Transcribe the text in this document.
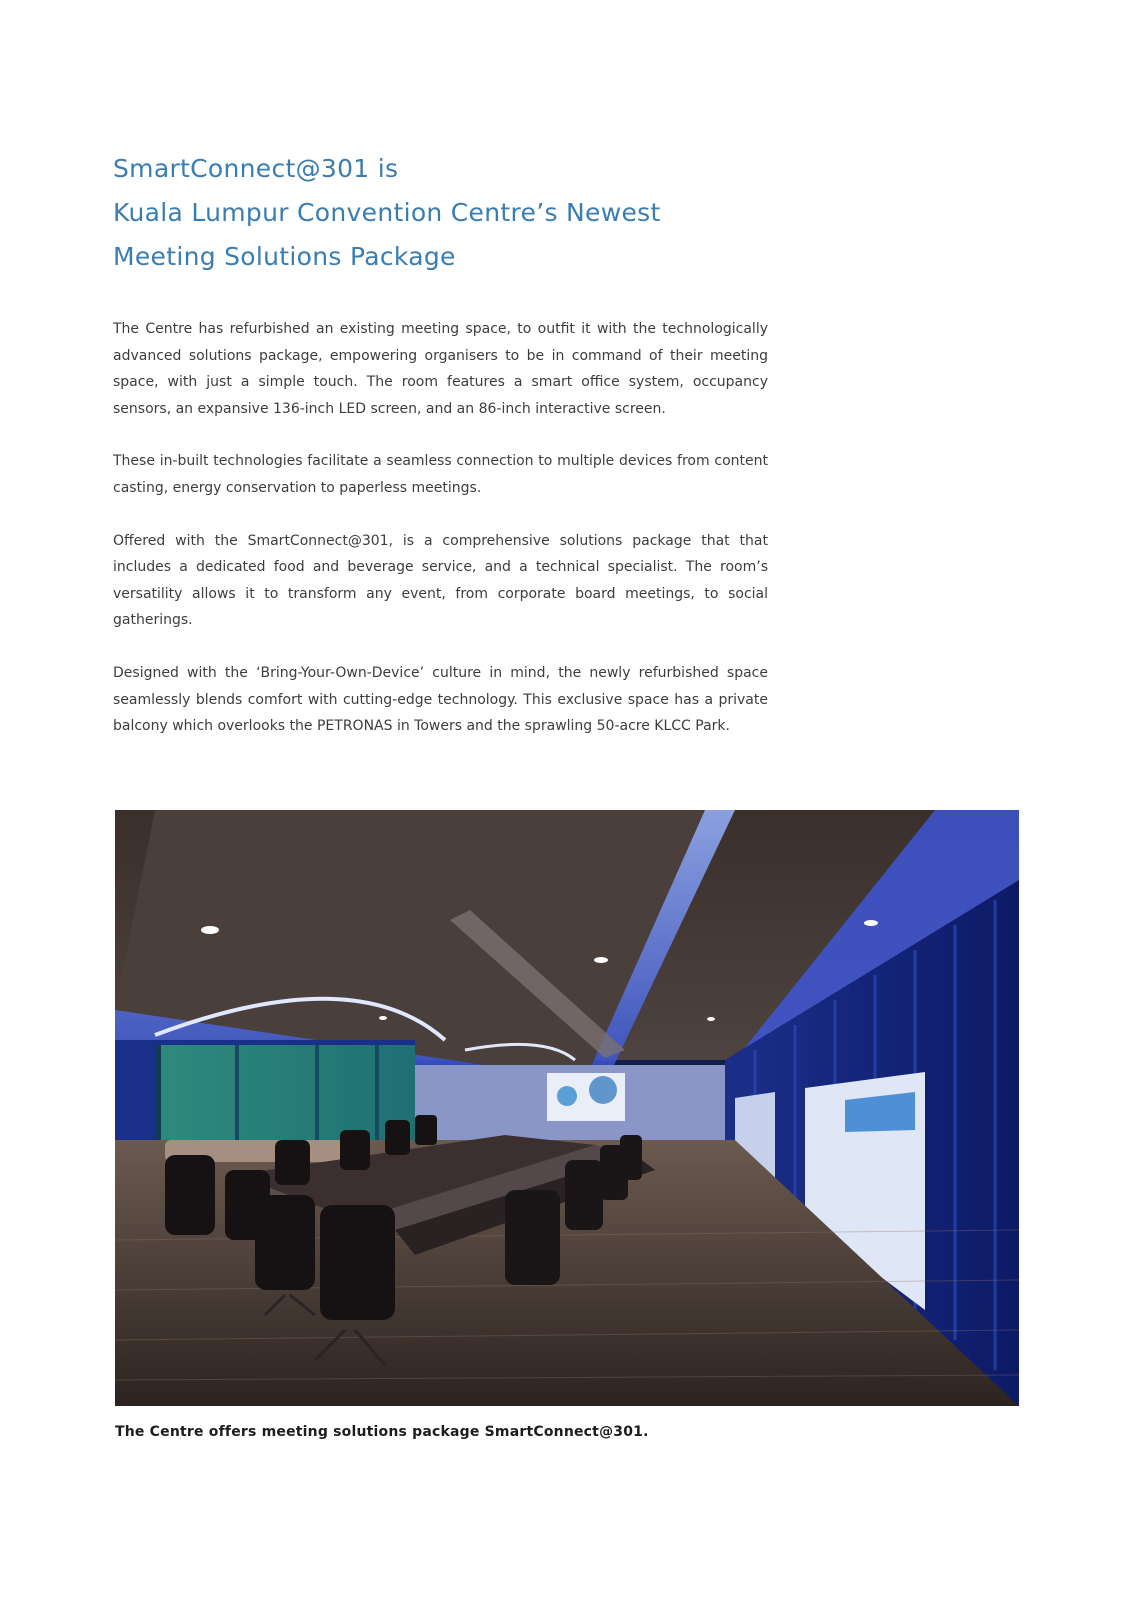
SmartConnect@301 is
Kuala Lumpur Convention Centre’s Newest
Meeting Solutions Package

The Centre has refurbished an existing meeting space, to outfit it with the technologically advanced solutions package, empowering organisers to be in command of their meeting space, with just a simple touch. The room features a smart office system, occupancy sensors, an expansive 136-inch LED screen, and an 86-inch interactive screen.

These in-built technologies facilitate a seamless connection to multiple devices from content casting, energy conservation to paperless meetings.

Offered with the SmartConnect@301, is a comprehensive solutions package that that includes a dedicated food and beverage service, and a technical specialist. The room’s versatility allows it to transform any event, from corporate board meetings, to social gatherings.

Designed with the ‘Bring-Your-Own-Device’ culture in mind, the newly refurbished space seamlessly blends comfort with cutting-edge technology. This exclusive space has a private balcony which overlooks the PETRONAS in Towers and the sprawling 50-acre KLCC Park.

The Centre offers meeting solutions package SmartConnect@301.
